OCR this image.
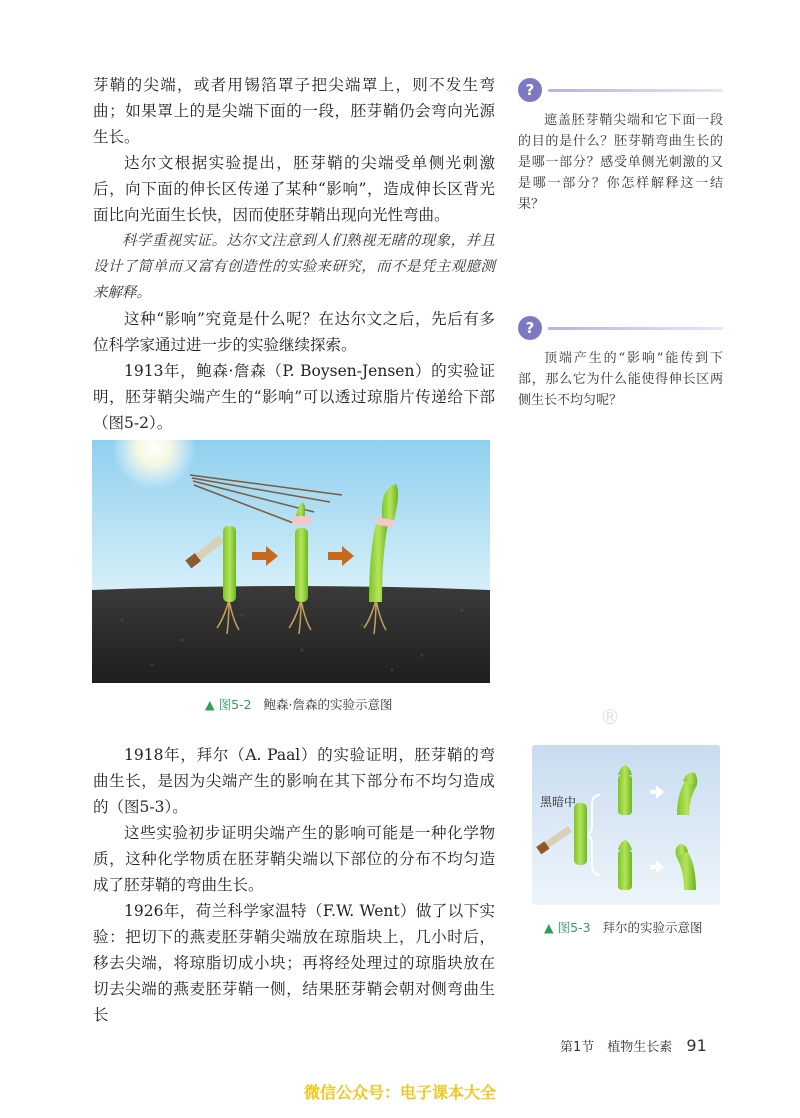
芽鞘的尖端，或者用锡箔罩子把尖端罩上，则不发生弯曲；如果罩上的是尖端下面的一段，胚芽鞘仍会弯向光源生长。

达尔文根据实验提出，胚芽鞘的尖端受单侧光刺激后，向下面的伸长区传递了某种“影响”，造成伸长区背光面比向光面生长快，因而使胚芽鞘出现向光性弯曲。

科学重视实证。达尔文注意到人们熟视无睹的现象，并且设计了简单而又富有创造性的实验来研究，而不是凭主观臆测来解释。

这种“影响”究竟是什么呢？在达尔文之后，先后有多位科学家通过进一步的实验继续探索。

1913年，鲍森·詹森（P. Boysen-Jensen）的实验证明，胚芽鞘尖端产生的“影响”可以透过琼脂片传递给下部（图5-2）。

1918年，拜尔（A. Paal）的实验证明，胚芽鞘的弯曲生长，是因为尖端产生的影响在其下部分布不均匀造成的（图5-3）。

这些实验初步证明尖端产生的影响可能是一种化学物质，这种化学物质在胚芽鞘尖端以下部位的分布不均匀造成了胚芽鞘的弯曲生长。

1926年，荷兰科学家温特（F.W. Went）做了以下实验：把切下的燕麦胚芽鞘尖端放在琼脂块上，几小时后，移去尖端，将琼脂切成小块；再将经处理过的琼脂块放在切去尖端的燕麦胚芽鞘一侧，结果胚芽鞘会朝对侧弯曲生长

?

遮盖胚芽鞘尖端和它下面一段的目的是什么？胚芽鞘弯曲生长的是哪一部分？感受单侧光刺激的又是哪一部分？你怎样解释这一结果？

?

顶端产生的“影响”能传到下部，那么它为什么能使得伸长区两侧生长不均匀呢？

▲ 图5-2 鲍森·詹森的实验示意图
黑暗中
▲ 图5-3 拜尔的实验示意图
®
第1节　植物生长素 91
微信公众号：电子课本大全
